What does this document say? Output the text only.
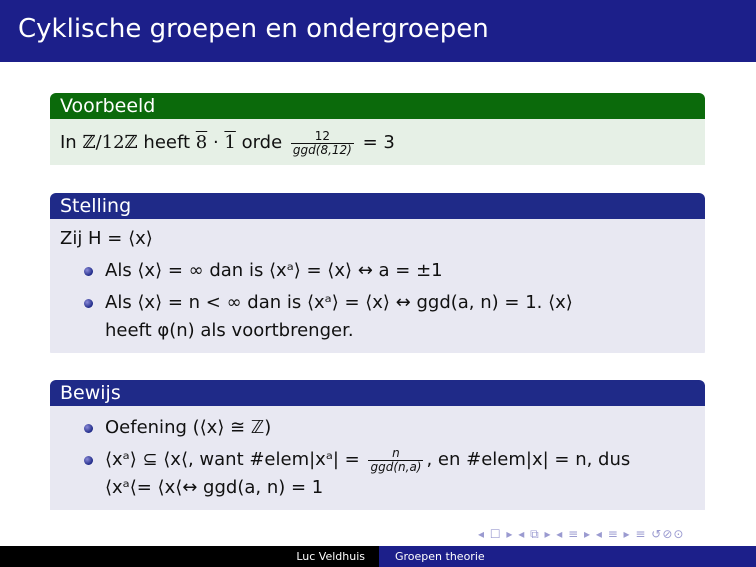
Cyklische groepen en ondergroepen
Voorbeeld
In ℤ/12ℤ heeft 8 · 1 orde $\frac{12}{\text{ggd(8,12)}} = 3$
Stelling
Zij H = ⟨x⟩
Als ⟨x⟩ = ∞ dan is ⟨xᵃ⟩ = ⟨x⟩ ↔ a = ±1
Als ⟨x⟩ = n < ∞ dan is ⟨xᵃ⟩ = ⟨x⟩ ↔ ggd(a, n) = 1. ⟨x⟩
heeft φ(n) als voortbrenger.
Bewijs
Oefening (⟨x⟩ ≅ ℤ)
⟨xᵃ⟩ ⊆ ⟨x⟨, want #elem|xᵃ| = $\frac{n}{\text{ggd(n,a)}}$ , en #elem|x| = n, dus
⟨xᵃ⟨= ⟨x⟨↔ ggd(a, n) = 1
◂ ☐ ▸ ◂ ⧉ ▸ ◂ ≡ ▸ ◂ ≡ ▸ ≡ ↺⊘⊙
Luc Veldhuis	Groepen theorie
